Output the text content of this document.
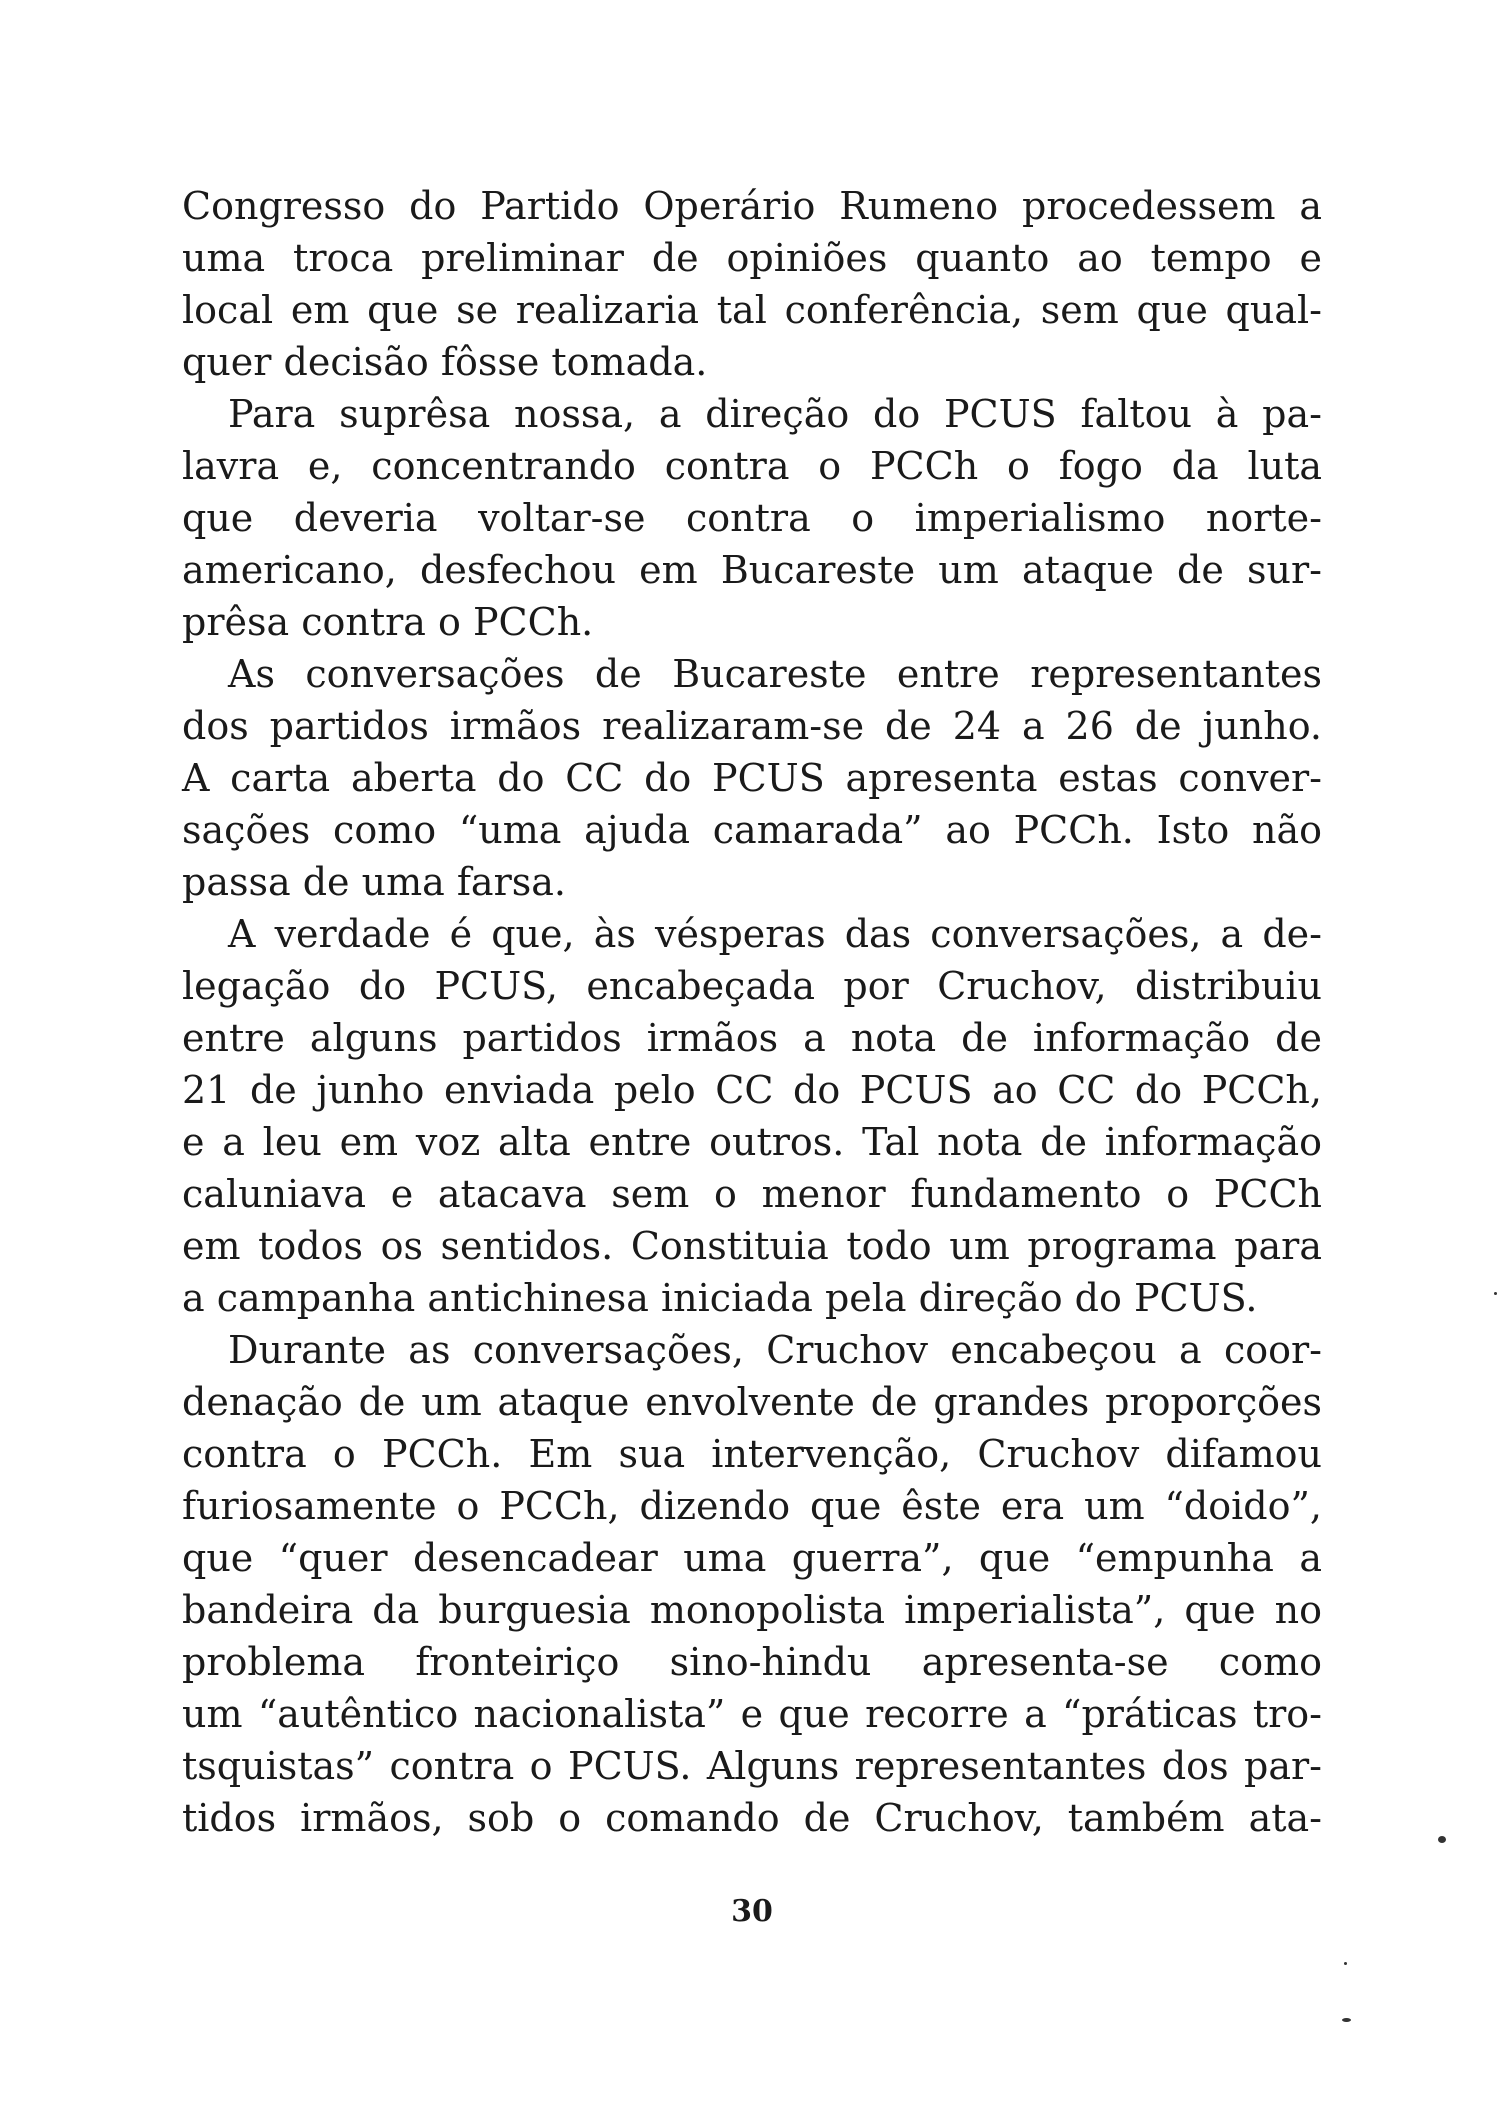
Congresso do Partido Operário Rumeno procedessem a
uma troca preliminar de opiniões quanto ao tempo e
local em que se realizaria tal conferência, sem que qual-
quer decisão fôsse tomada.
Para suprêsa nossa, a direção do PCUS faltou à pa-
lavra e, concentrando contra o PCCh o fogo da luta
que deveria voltar-se contra o imperialismo norte-
americano, desfechou em Bucareste um ataque de sur-
prêsa contra o PCCh.
As conversações de Bucareste entre representantes
dos partidos irmãos realizaram-se de 24 a 26 de junho.
A carta aberta do CC do PCUS apresenta estas conver-
sações como “uma ajuda camarada” ao PCCh. Isto não
passa de uma farsa.
A verdade é que, às vésperas das conversações, a de-
legação do PCUS, encabeçada por Cruchov, distribuiu
entre alguns partidos irmãos a nota de informação de
21 de junho enviada pelo CC do PCUS ao CC do PCCh,
e a leu em voz alta entre outros. Tal nota de informação
caluniava e atacava sem o menor fundamento o PCCh
em todos os sentidos. Constituia todo um programa para
a campanha antichinesa iniciada pela direção do PCUS.
Durante as conversações, Cruchov encabeçou a coor-
denação de um ataque envolvente de grandes proporções
contra o PCCh. Em sua intervenção, Cruchov difamou
furiosamente o PCCh, dizendo que êste era um “doido”,
que “quer desencadear uma guerra”, que “empunha a
bandeira da burguesia monopolista imperialista”, que no
problema fronteiriço sino-hindu apresenta-se como
um “autêntico nacionalista” e que recorre a “práticas tro-
tsquistas” contra o PCUS. Alguns representantes dos par-
tidos irmãos, sob o comando de Cruchov, também ata-
30
